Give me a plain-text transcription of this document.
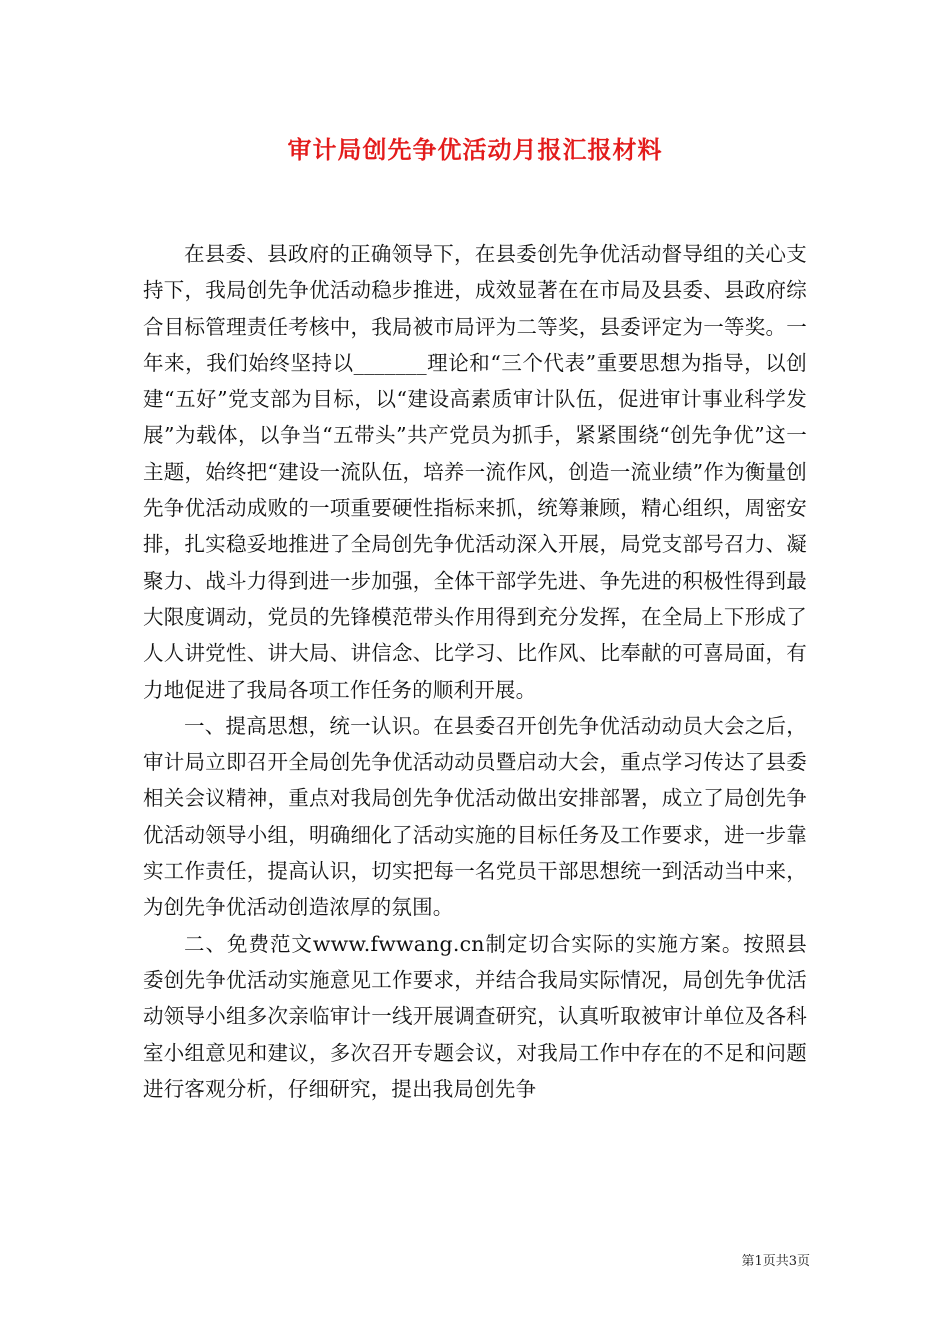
审计局创先争优活动月报汇报材料

在县委、县政府的正确领导下，在县委创先争优活动督导组的关心支持下，我局创先争优活动稳步推进，成效显著在在市局及县委、县政府综合目标管理责任考核中，我局被市局评为二等奖，县委评定为一等奖。一年来，我们始终坚持以_______理论和“三个代表”重要思想为指导，以创建“五好”党支部为目标，以“建设高素质审计队伍，促进审计事业科学发展”为载体，以争当“五带头”共产党员为抓手，紧紧围绕“创先争优”这一主题，始终把“建设一流队伍，培养一流作风，创造一流业绩”作为衡量创先争优活动成败的一项重要硬性指标来抓，统筹兼顾，精心组织，周密安排，扎实稳妥地推进了全局创先争优活动深入开展，局党支部号召力、凝聚力、战斗力得到进一步加强，全体干部学先进、争先进的积极性得到最大限度调动，党员的先锋模范带头作用得到充分发挥，在全局上下形成了人人讲党性、讲大局、讲信念、比学习、比作风、比奉献的可喜局面，有力地促进了我局各项工作任务的顺利开展。

一、提高思想，统一认识。在县委召开创先争优活动动员大会之后，审计局立即召开全局创先争优活动动员暨启动大会，重点学习传达了县委相关会议精神，重点对我局创先争优活动做出安排部署，成立了局创先争优活动领导小组，明确细化了活动实施的目标任务及工作要求，进一步靠实工作责任，提高认识，切实把每一名党员干部思想统一到活动当中来，为创先争优活动创造浓厚的氛围。

二、免费范文www.fwwang.cn制定切合实际的实施方案。按照县委创先争优活动实施意见工作要求，并结合我局实际情况，局创先争优活动领导小组多次亲临审计一线开展调查研究，认真听取被审计单位及各科室小组意见和建议，多次召开专题会议，对我局工作中存在的不足和问题进行客观分析，仔细研究，提出我局创先争

第1页共3页
